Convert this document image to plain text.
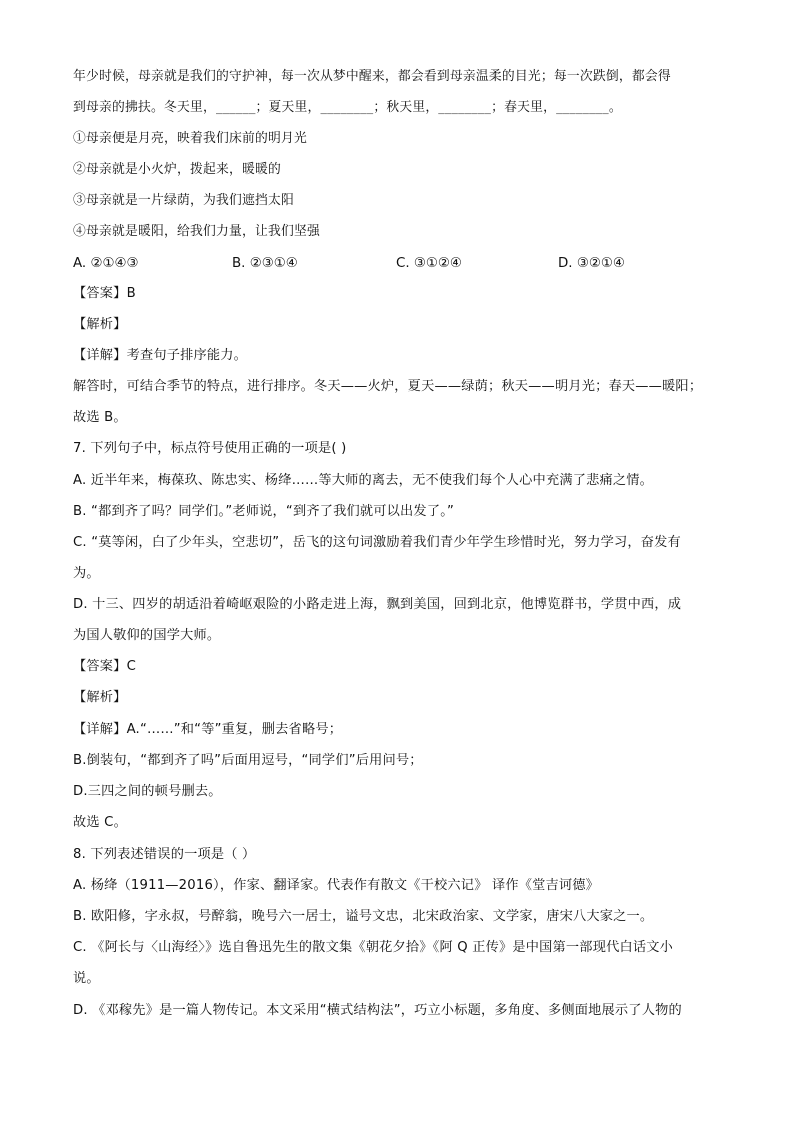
年少时候，母亲就是我们的守护神，每一次从梦中醒来，都会看到母亲温柔的目光；每一次跌倒，都会得
到母亲的拂扶。冬天里，______；夏天里，________；秋天里，________；春天里，________。
①母亲便是月亮，映着我们床前的明月光
②母亲就是小火炉，拨起来，暖暖的
③母亲就是一片绿荫，为我们遮挡太阳
④母亲就是暖阳，给我们力量，让我们坚强
A. ②①④③	B. ②③①④	C. ③①②④	D. ③②①④
【答案】B
【解析】
【详解】考查句子排序能力。
解答时，可结合季节的特点，进行排序。冬天——火炉，夏天——绿荫；秋天——明月光；春天——暖阳；
故选 B。
7. 下列句子中，标点符号使用正确的一项是( )
A. 近半年来，梅葆玖、陈忠实、杨绛……等大师的离去，无不使我们每个人心中充满了悲痛之情。
B. “都到齐了吗？同学们。”老师说，“到齐了我们就可以出发了。”
C. “莫等闲，白了少年头，空悲切”，岳飞的这句词激励着我们青少年学生珍惜时光，努力学习，奋发有
为。
D. 十三、四岁的胡适沿着崎岖艰险的小路走进上海，飘到美国，回到北京，他博览群书，学贯中西，成
为国人敬仰的国学大师。
【答案】C
【解析】
【详解】A.“……”和“等”重复，删去省略号；
B.倒装句，“都到齐了吗”后面用逗号，“同学们”后用问号；
D.三四之间的顿号删去。
故选 C。
8. 下列表述错误的一项是（ ）
A. 杨绛（1911—2016），作家、翻译家。代表作有散文《干校六记》 译作《堂吉诃德》
B. 欧阳修，字永叔，号醉翁，晚号六一居士，谥号文忠，北宋政治家、文学家，唐宋八大家之一。
C. 《阿长与〈山海经〉》选自鲁迅先生的散文集《朝花夕拾》《阿 Q 正传》是中国第一部现代白话文小
说。
D. 《邓稼先》是一篇人物传记。本文采用“横式结构法”，巧立小标题，多角度、多侧面地展示了人物的
